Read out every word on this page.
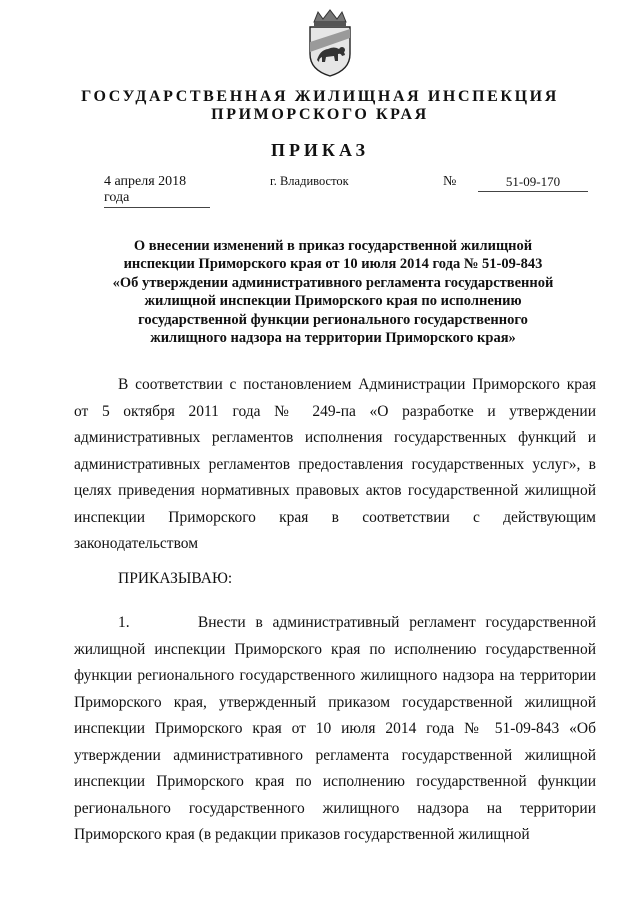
ГОСУДАРСТВЕННАЯ ЖИЛИЩНАЯ ИНСПЕКЦИЯ
ПРИМОРСКОГО КРАЯ
ПРИКАЗ
4 апреля 2018 года
г. Владивосток	№	51-09-170
О внесении изменений в приказ государственной жилищной
инспекции Приморского края от 10 июля 2014 года № 51-09-843
«Об утверждении административного регламента государственной
жилищной инспекции Приморского края по исполнению
государственной функции регионального государственного
жилищного надзора на территории Приморского края»
В соответствии с постановлением Администрации Приморского края от 5 октября 2011 года № 249-па «О разработке и утверждении административных регламентов исполнения государственных функций и административных регламентов предоставления государственных услуг», в целях приведения нормативных правовых актов государственной жилищной инспекции Приморского края в соответствии с действующим законодательством
ПРИКАЗЫВАЮ:
1.	Внести в административный регламент государственной жилищной инспекции Приморского края по исполнению государственной функции регионального государственного жилищного надзора на территории Приморского края, утвержденный приказом государственной жилищной инспекции Приморского края от 10 июля 2014 года № 51-09-843 «Об утверждении административного регламента государственной жилищной инспекции Приморского края по исполнению государственной функции регионального государственного жилищного надзора на территории Приморского края (в редакции приказов государственной жилищной
